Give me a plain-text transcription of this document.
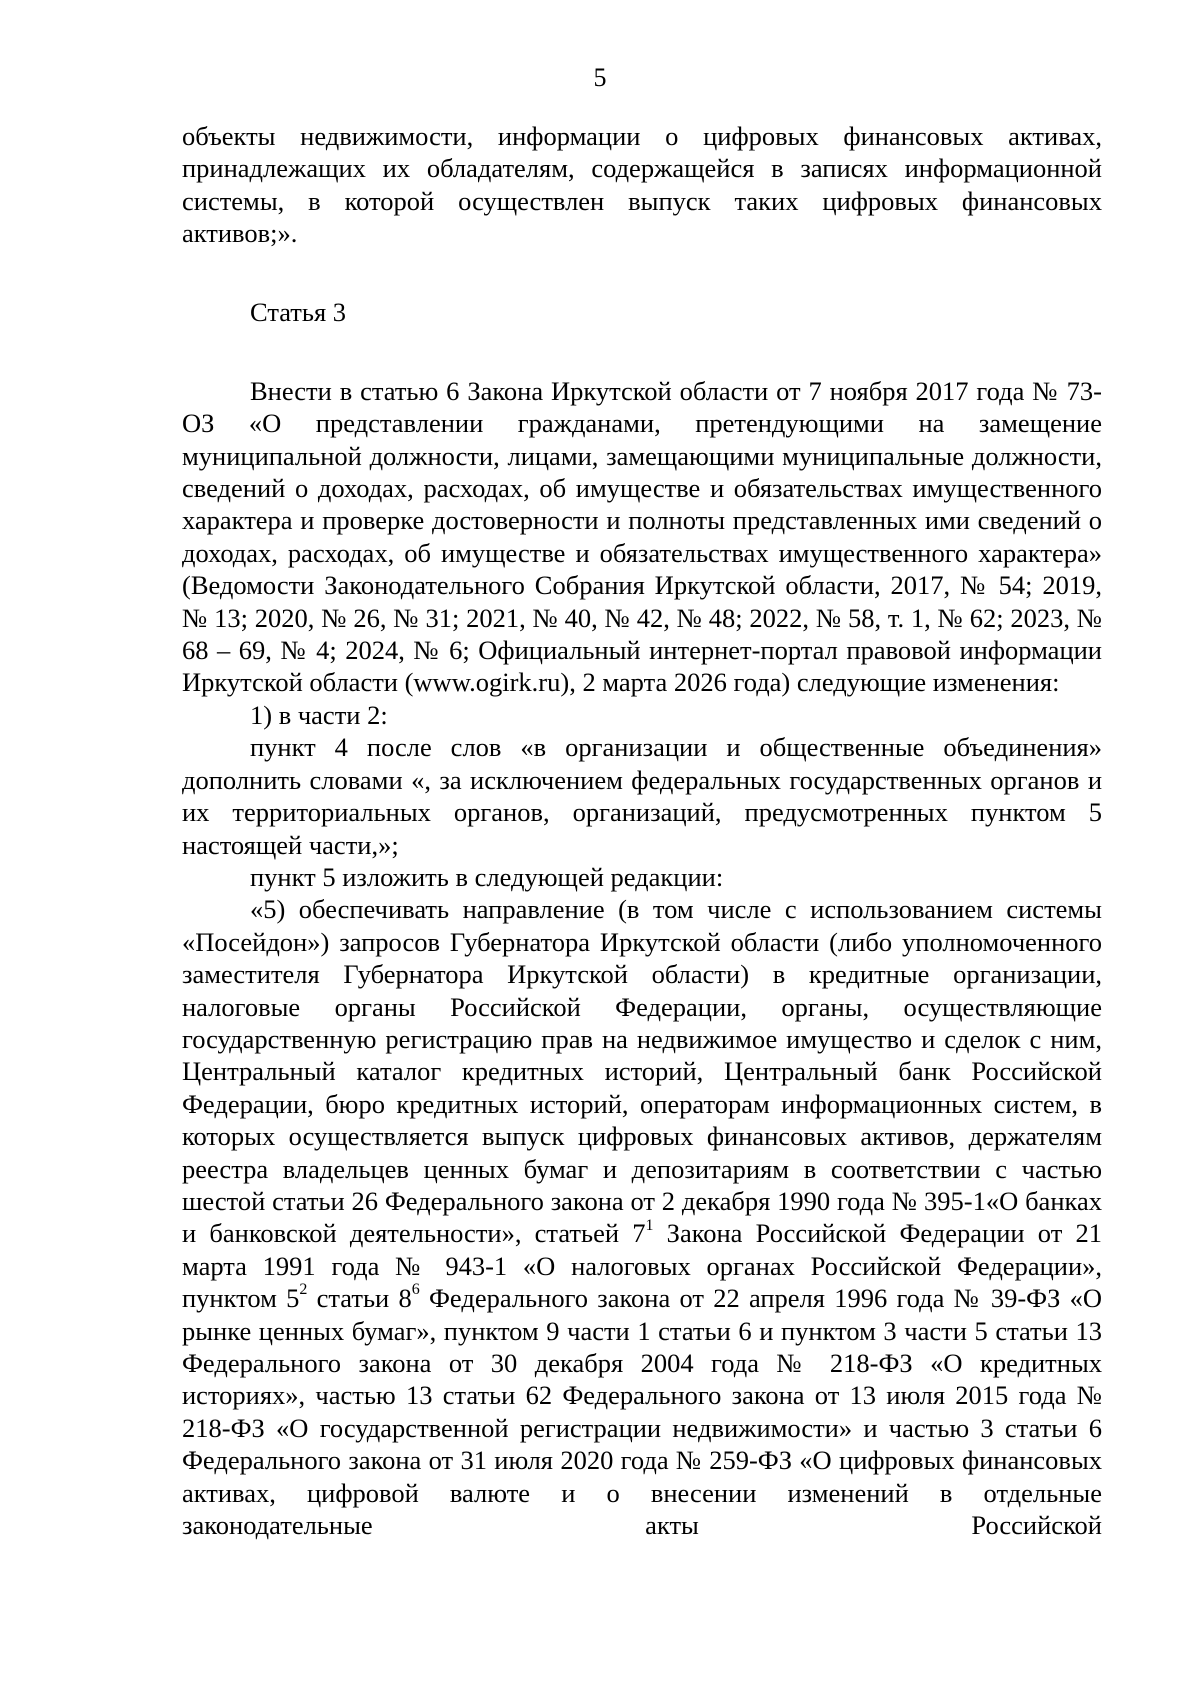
5

объекты недвижимости, информации о цифровых финансовых активах, принадлежащих их обладателям, содержащейся в записях информационной системы, в которой осуществлен выпуск таких цифровых финансовых активов;».

Статья 3

Внести в статью 6 Закона Иркутской области от 7 ноября 2017 года № 73-ОЗ «О представлении гражданами, претендующими на замещение муниципальной должности, лицами, замещающими муниципальные должности, сведений о доходах, расходах, об имуществе и обязательствах имущественного характера и проверке достоверности и полноты представленных ими сведений о доходах, расходах, об имуществе и обязательствах имущественного характера» (Ведомости Законодательного Собрания Иркутской области, 2017, № 54; 2019, № 13; 2020, № 26, № 31; 2021, № 40, № 42, № 48; 2022, № 58, т. 1, № 62; 2023, № 68 – 69, № 4; 2024, № 6; Официальный интернет-портал правовой информации Иркутской области (www.ogirk.ru), 2 марта 2026 года) следующие изменения:

1) в части 2:

пункт 4 после слов «в организации и общественные объединения» дополнить словами «, за исключением федеральных государственных органов и их территориальных органов, организаций, предусмотренных пунктом 5 настоящей части,»;

пункт 5 изложить в следующей редакции:

«5) обеспечивать направление (в том числе с использованием системы «Посейдон») запросов Губернатора Иркутской области (либо уполномоченного заместителя Губернатора Иркутской области) в кредитные организации, налоговые органы Российской Федерации, органы, осуществляющие государственную регистрацию прав на недвижимое имущество и сделок с ним, Центральный каталог кредитных историй, Центральный банк Российской Федерации, бюро кредитных историй, операторам информационных систем, в которых осуществляется выпуск цифровых финансовых активов, держателям реестра владельцев ценных бумаг и депозитариям в соответствии с частью шестой статьи 26 Федерального закона от 2 декабря 1990 года № 395-1«О банках и банковской деятельности», статьей $7^1$ Закона Российской Федерации от 21 марта 1991 года № 943-1 «О налоговых органах Российской Федерации», пунктом $5^2$ статьи $8^6$ Федерального закона от 22 апреля 1996 года № 39-ФЗ «О рынке ценных бумаг», пунктом 9 части 1 статьи 6 и пунктом 3 части 5 статьи 13 Федерального закона от 30 декабря 2004 года № 218-ФЗ «О кредитных историях», частью 13 статьи 62 Федерального закона от 13 июля 2015 года № 218-ФЗ «О государственной регистрации недвижимости» и частью 3 статьи 6 Федерального закона от 31 июля 2020 года № 259-ФЗ «О цифровых финансовых активах, цифровой валюте и о внесении изменений в отдельные законодательные акты Российской
